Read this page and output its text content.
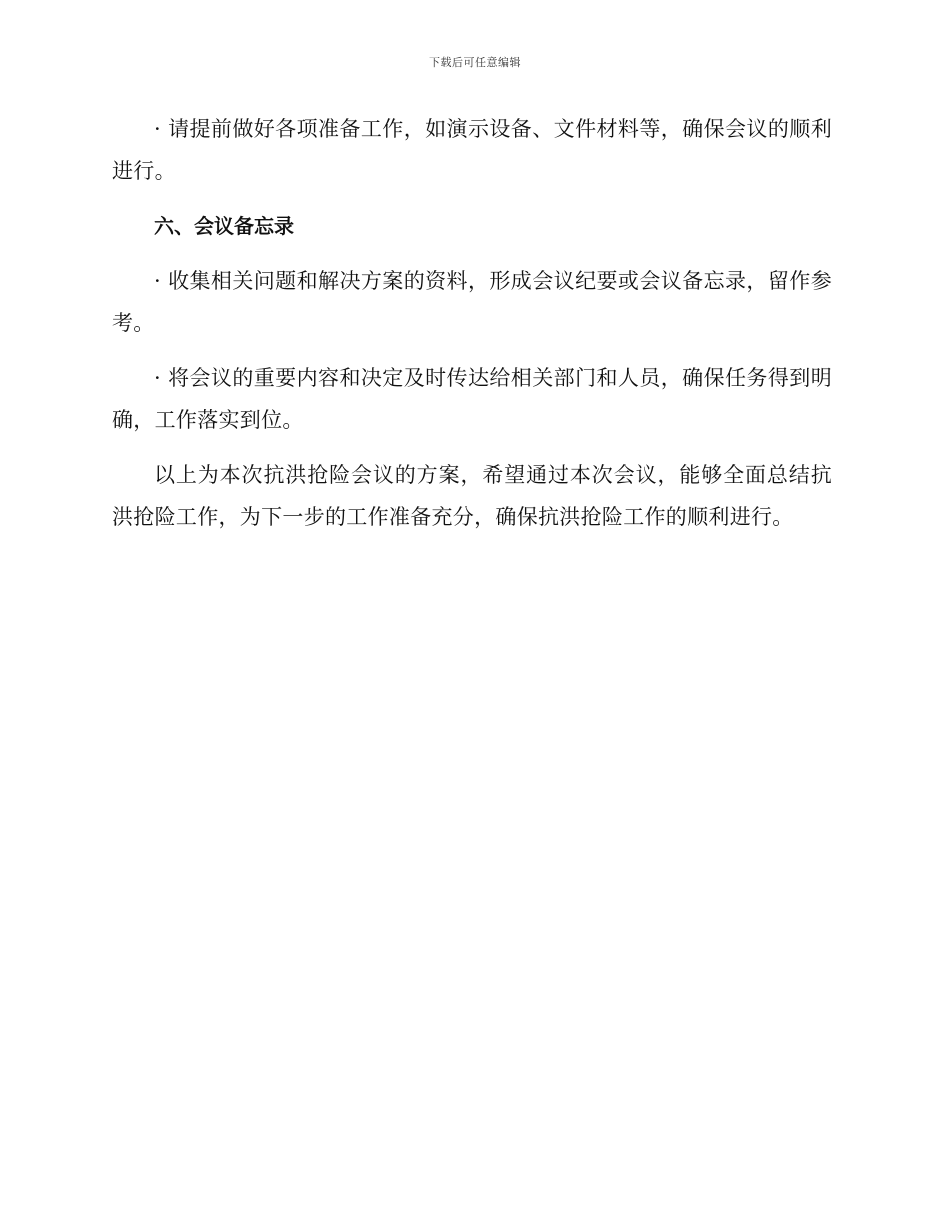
下载后可任意编辑

· 请提前做好各项准备工作，如演示设备、文件材料等，确保会议的顺利进行。

六、会议备忘录

· 收集相关问题和解决方案的资料，形成会议纪要或会议备忘录，留作参考。

· 将会议的重要内容和决定及时传达给相关部门和人员，确保任务得到明确，工作落实到位。

以上为本次抗洪抢险会议的方案，希望通过本次会议，能够全面总结抗洪抢险工作，为下一步的工作准备充分，确保抗洪抢险工作的顺利进行。
